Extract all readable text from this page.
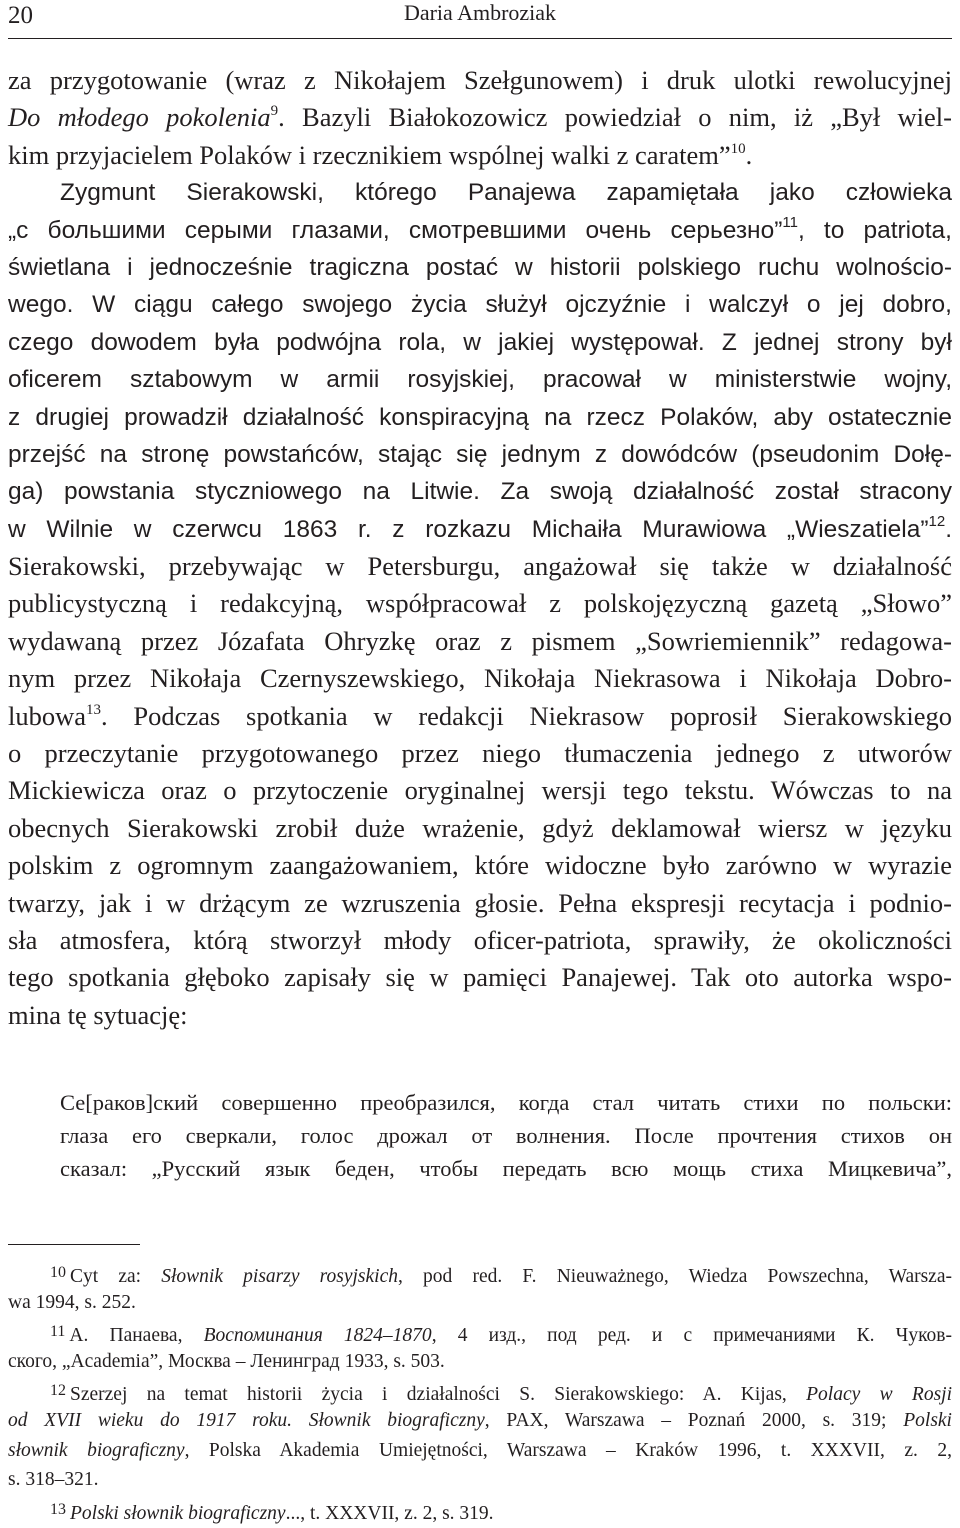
20	Daria Ambroziak
za przygotowanie (wraz z Nikołajem Szełgunowem) i druk ulotki rewolucyjnej
Do młodego pokolenia$^9$. Bazyli Białokozowicz powiedział o nim, iż „Był wiel-
kim przyjacielem Polaków i rzecznikiem wspólnej walki z caratem”$^{10}$.
Zygmunt Sierakowski, którego Panajewa zapamiętała jako człowieka
„с большими серыми глазами, смотревшими очень серьезно”$^{11}$, to patriota,
świetlana i jednocześnie tragiczna postać w historii polskiego ruchu wolnościo-
wego. W ciągu całego swojego życia służył ojczyźnie i walczył o jej dobro,
czego dowodem była podwójna rola, w jakiej występował. Z jednej strony był
oficerem sztabowym w armii rosyjskiej, pracował w ministerstwie wojny,
z drugiej prowadził działalność konspiracyjną na rzecz Polaków, aby ostatecznie
przejść na stronę powstańców, stając się jednym z dowódców (pseudonim Dołę-
ga) powstania styczniowego na Litwie. Za swoją działalność został stracony
w Wilnie w czerwcu 1863 r. z rozkazu Michaiła Murawiowa „Wieszatiela”$^{12}$.
Sierakowski, przebywając w Petersburgu, angażował się także w działalność
publicystyczną i redakcyjną, współpracował z polskojęzyczną gazetą „Słowo”
wydawaną przez Józafata Ohryzkę oraz z pismem „Sowriemiennik” redagowa-
nym przez Nikołaja Czernyszewskiego, Nikołaja Niekrasowa i Nikołaja Dobro-
lubowa$^{13}$. Podczas spotkania w redakcji Niekrasow poprosił Sierakowskiego
o przeczytanie przygotowanego przez niego tłumaczenia jednego z utworów
Mickiewicza oraz o przytoczenie oryginalnej wersji tego tekstu. Wówczas to na
obecnych Sierakowski zrobił duże wrażenie, gdyż deklamował wiersz w języku
polskim z ogromnym zaangażowaniem, które widoczne było zarówno w wyrazie
twarzy, jak i w drżącym ze wzruszenia głosie. Pełna ekspresji recytacja i podnio-
sła atmosfera, którą stworzył młody oficer-patriota, sprawiły, że okoliczności
tego spotkania głęboko zapisały się w pamięci Panajewej. Tak oto autorka wspo-
mina tę sytuację:
Се[раков]ский совершенно преобразился, когда стал читать стихи по польски:
глаза его сверкали, голос дрожал от волнения. После прочтения стихов он
сказал: „Русский язык беден, чтобы передать всю мощь стиха Мицкевича”,
$^{10}$ Cyt za: Słownik pisarzy rosyjskich, pod red. F. Nieuważnego, Wiedza Powszechna, Warsza-
wa 1994, s. 252.
$^{11}$ А. Панаева, Воспоминания 1824–1870, 4 изд., под ред. и с примечаниями К. Чуков-
ского, „Academia”, Москва – Ленинград 1933, s. 503.
$^{12}$ Szerzej na temat historii życia i działalności S. Sierakowskiego: A. Kijas, Polacy w Rosji
od XVII wieku do 1917 roku. Słownik biograficzny, PAX, Warszawa – Poznań 2000, s. 319; Polski
słownik biograficzny, Polska Akademia Umiejętności, Warszawa – Kraków 1996, t. XXXVII, z. 2,
s. 318–321.
$^{13}$ Polski słownik biograficzny..., t. XXXVII, z. 2, s. 319.
